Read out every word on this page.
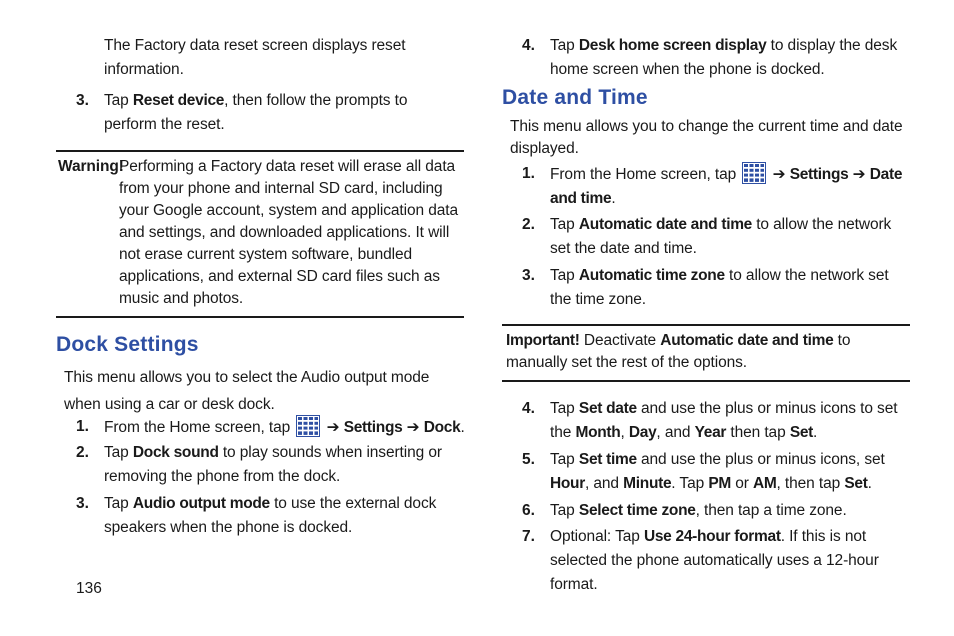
The Factory data reset screen displays reset information.
3. Tap Reset device, then follow the prompts to perform the reset.
Warning!
Performing a Factory data reset will erase all data from your phone and internal SD card, including your Google account, system and application data and settings, and downloaded applications. It will not erase current system software, bundled applications, and external SD card files such as music and photos.
Dock Settings
This menu allows you to select the Audio output mode when using a car or desk dock.
1. From the Home screen, tap
➔ Settings ➔ Dock.
2. Tap Dock sound to play sounds when inserting or removing the phone from the dock.
3. Tap Audio output mode to use the external dock speakers when the phone is docked.
4. Tap Desk home screen display to display the desk home screen when the phone is docked.
Date and Time
This menu allows you to change the current time and date displayed.
1. From the Home screen, tap
➔ Settings ➔ Date and time.
2. Tap Automatic date and time to allow the network set the date and time.
3. Tap Automatic time zone to allow the network set the time zone.
Important! Deactivate Automatic date and time to manually set the rest of the options.
4. Tap Set date and use the plus or minus icons to set the Month, Day, and Year then tap Set.
5. Tap Set time and use the plus or minus icons, set Hour, and Minute. Tap PM or AM, then tap Set.
6. Tap Select time zone, then tap a time zone.
7. Optional: Tap Use 24-hour format. If this is not selected the phone automatically uses a 12-hour format.
136
